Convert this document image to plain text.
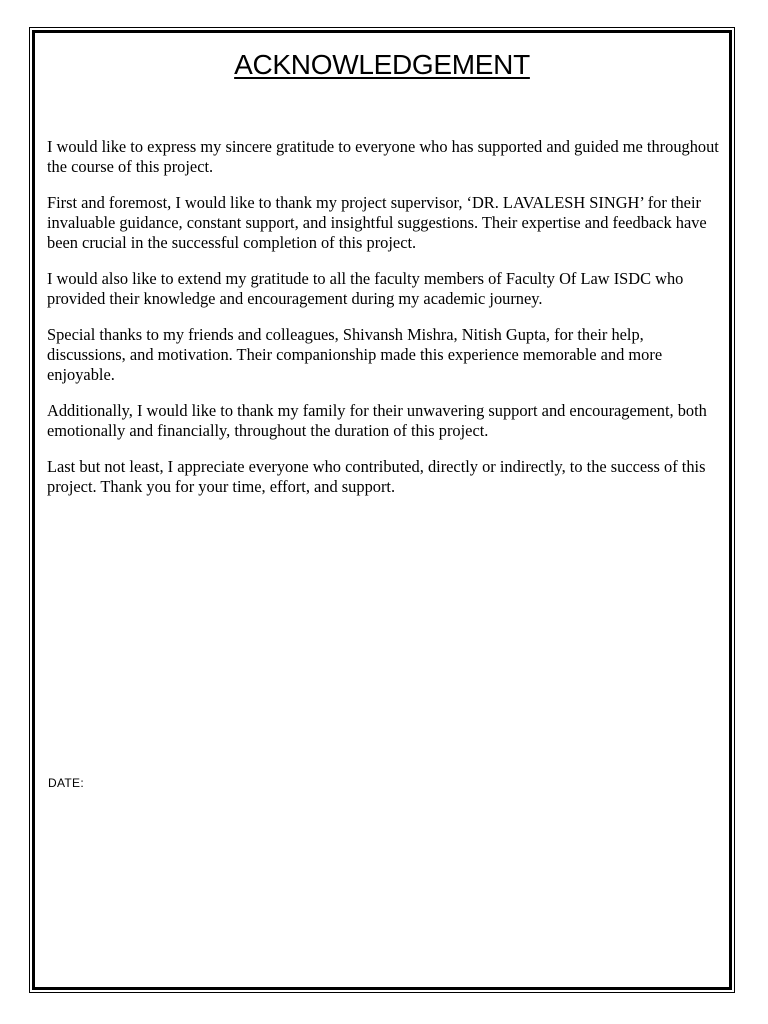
ACKNOWLEDGEMENT

I would like to express my sincere gratitude to everyone who has supported and guided me throughout the course of this project.

First and foremost, I would like to thank my project supervisor, ‘DR. LAVALESH SINGH’ for their invaluable guidance, constant support, and insightful suggestions. Their expertise and feedback have been crucial in the successful completion of this project.

I would also like to extend my gratitude to all the faculty members of Faculty Of Law ISDC who provided their knowledge and encouragement during my academic journey.

Special thanks to my friends and colleagues, Shivansh Mishra, Nitish Gupta, for their help, discussions, and motivation. Their companionship made this experience memorable and more enjoyable.

Additionally, I would like to thank my family for their unwavering support and encouragement, both emotionally and financially, throughout the duration of this project.

Last but not least, I appreciate everyone who contributed, directly or indirectly, to the success of this project. Thank you for your time, effort, and support.

DATE:
